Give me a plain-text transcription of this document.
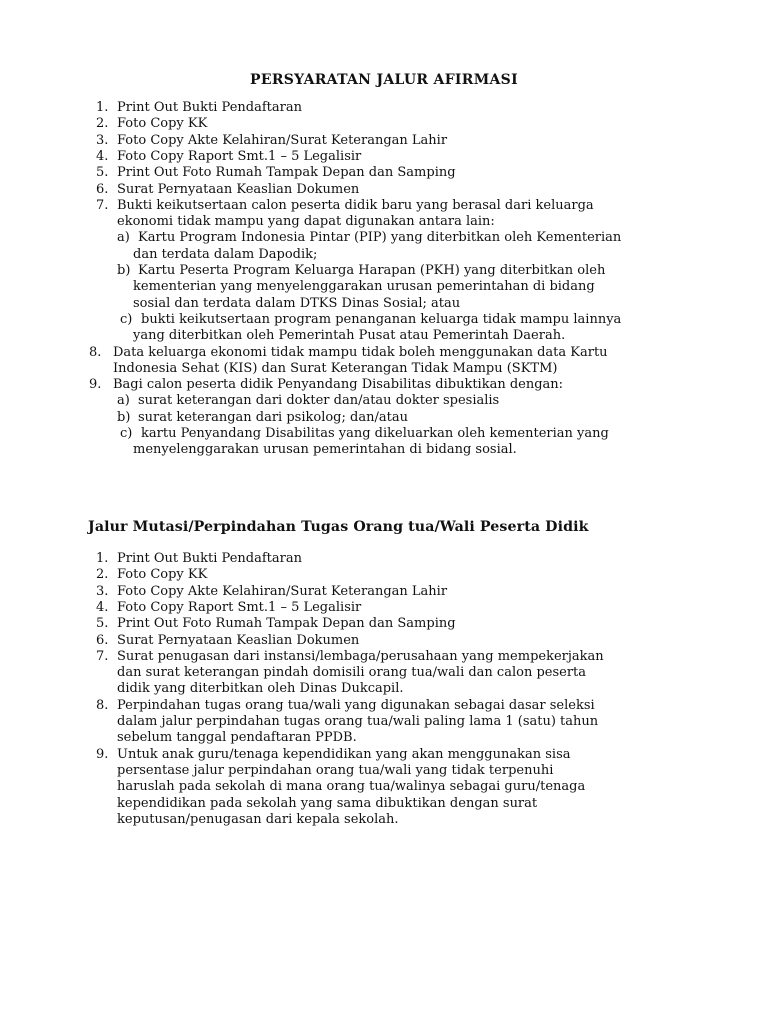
PERSYARATAN JALUR AFIRMASI
1. Print Out Bukti Pendaftaran
2. Foto Copy KK
3. Foto Copy Akte Kelahiran/Surat Keterangan Lahir
4. Foto Copy Raport Smt.1 – 5 Legalisir
5. Print Out Foto Rumah Tampak Depan dan Samping
6. Surat Pernyataan Keaslian Dokumen
7. Bukti keikutsertaan calon peserta didik baru yang berasal dari keluarga
ekonomi tidak mampu yang dapat digunakan antara lain:
a) Kartu Program Indonesia Pintar (PIP) yang diterbitkan oleh Kementerian
dan terdata dalam Dapodik;
b) Kartu Peserta Program Keluarga Harapan (PKH) yang diterbitkan oleh
kementerian yang menyelenggarakan urusan pemerintahan di bidang
sosial dan terdata dalam DTKS Dinas Sosial; atau
c) bukti keikutsertaan program penanganan keluarga tidak mampu lainnya
yang diterbitkan oleh Pemerintah Pusat atau Pemerintah Daerah.
8. Data keluarga ekonomi tidak mampu tidak boleh menggunakan data Kartu
Indonesia Sehat (KIS) dan Surat Keterangan Tidak Mampu (SKTM)
9. Bagi calon peserta didik Penyandang Disabilitas dibuktikan dengan:
a) surat keterangan dari dokter dan/atau dokter spesialis
b) surat keterangan dari psikolog; dan/atau
c) kartu Penyandang Disabilitas yang dikeluarkan oleh kementerian yang
menyelenggarakan urusan pemerintahan di bidang sosial.
Jalur Mutasi/Perpindahan Tugas Orang tua/Wali Peserta Didik
1. Print Out Bukti Pendaftaran
2. Foto Copy KK
3. Foto Copy Akte Kelahiran/Surat Keterangan Lahir
4. Foto Copy Raport Smt.1 – 5 Legalisir
5. Print Out Foto Rumah Tampak Depan dan Samping
6. Surat Pernyataan Keaslian Dokumen
7. Surat penugasan dari instansi/lembaga/perusahaan yang mempekerjakan
dan surat keterangan pindah domisili orang tua/wali dan calon peserta
didik yang diterbitkan oleh Dinas Dukcapil.
8. Perpindahan tugas orang tua/wali yang digunakan sebagai dasar seleksi
dalam jalur perpindahan tugas orang tua/wali paling lama 1 (satu) tahun
sebelum tanggal pendaftaran PPDB.
9. Untuk anak guru/tenaga kependidikan yang akan menggunakan sisa
persentase jalur perpindahan orang tua/wali yang tidak terpenuhi
haruslah pada sekolah di mana orang tua/walinya sebagai guru/tenaga
kependidikan pada sekolah yang sama dibuktikan dengan surat
keputusan/penugasan dari kepala sekolah.
